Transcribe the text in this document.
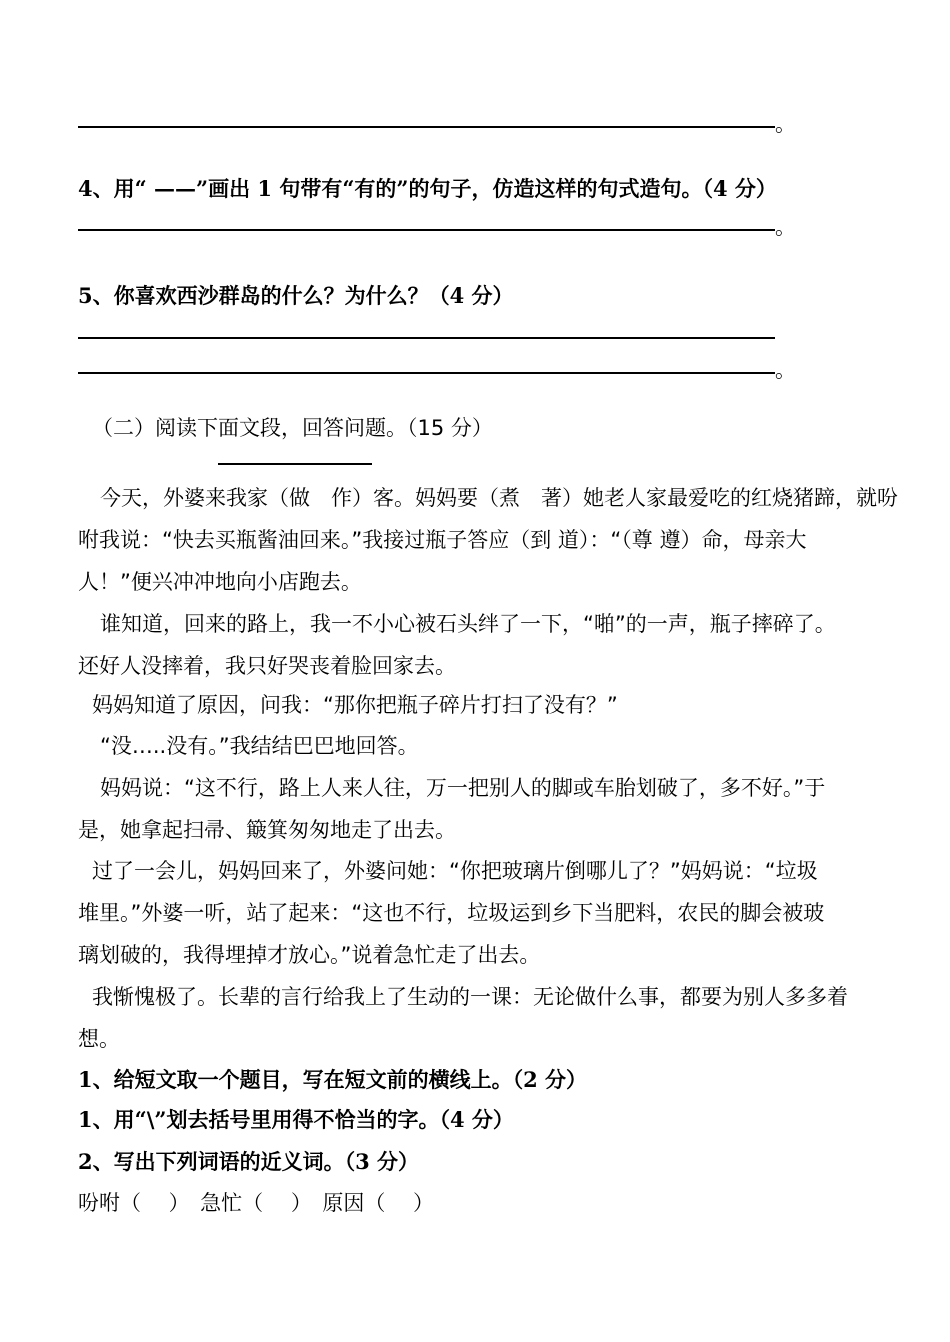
。
4、用“ ——”画出 1 句带有“有的”的句子，仿造这样的句式造句。（4 分）
。
5、你喜欢西沙群岛的什么？为什么？（4 分）
。
（二）阅读下面文段，回答问题。（15 分）
今天，外婆来我家（做　作）客。妈妈要（煮　著）她老人家最爱吃的红烧猪蹄，就吩
咐我说：“快去买瓶酱油回来。”我接过瓶子答应（到 道）：“（尊 遵）命，母亲大
人！”便兴冲冲地向小店跑去。
谁知道，回来的路上，我一不小心被石头绊了一下，“啪”的一声，瓶子摔碎了。
还好人没摔着，我只好哭丧着脸回家去。
妈妈知道了原因，问我：“那你把瓶子碎片打扫了没有？”
“没…..没有。”我结结巴巴地回答。
妈妈说：“这不行，路上人来人往，万一把别人的脚或车胎划破了，多不好。”于
是，她拿起扫帚、簸箕匆匆地走了出去。
过了一会儿，妈妈回来了，外婆问她：“你把玻璃片倒哪儿了？”妈妈说：“垃圾
堆里。”外婆一听，站了起来：“这也不行，垃圾运到乡下当肥料，农民的脚会被玻
璃划破的，我得埋掉才放心。”说着急忙走了出去。
我惭愧极了。长辈的言行给我上了生动的一课：无论做什么事，都要为别人多多着
想。
1、给短文取一个题目，写在短文前的横线上。（2 分）
1、用“\”划去括号里用得不恰当的字。（4 分）
2、写出下列词语的近义词。（3 分）
吩咐（　 ）　急忙（　 ）　原因（　 ）
